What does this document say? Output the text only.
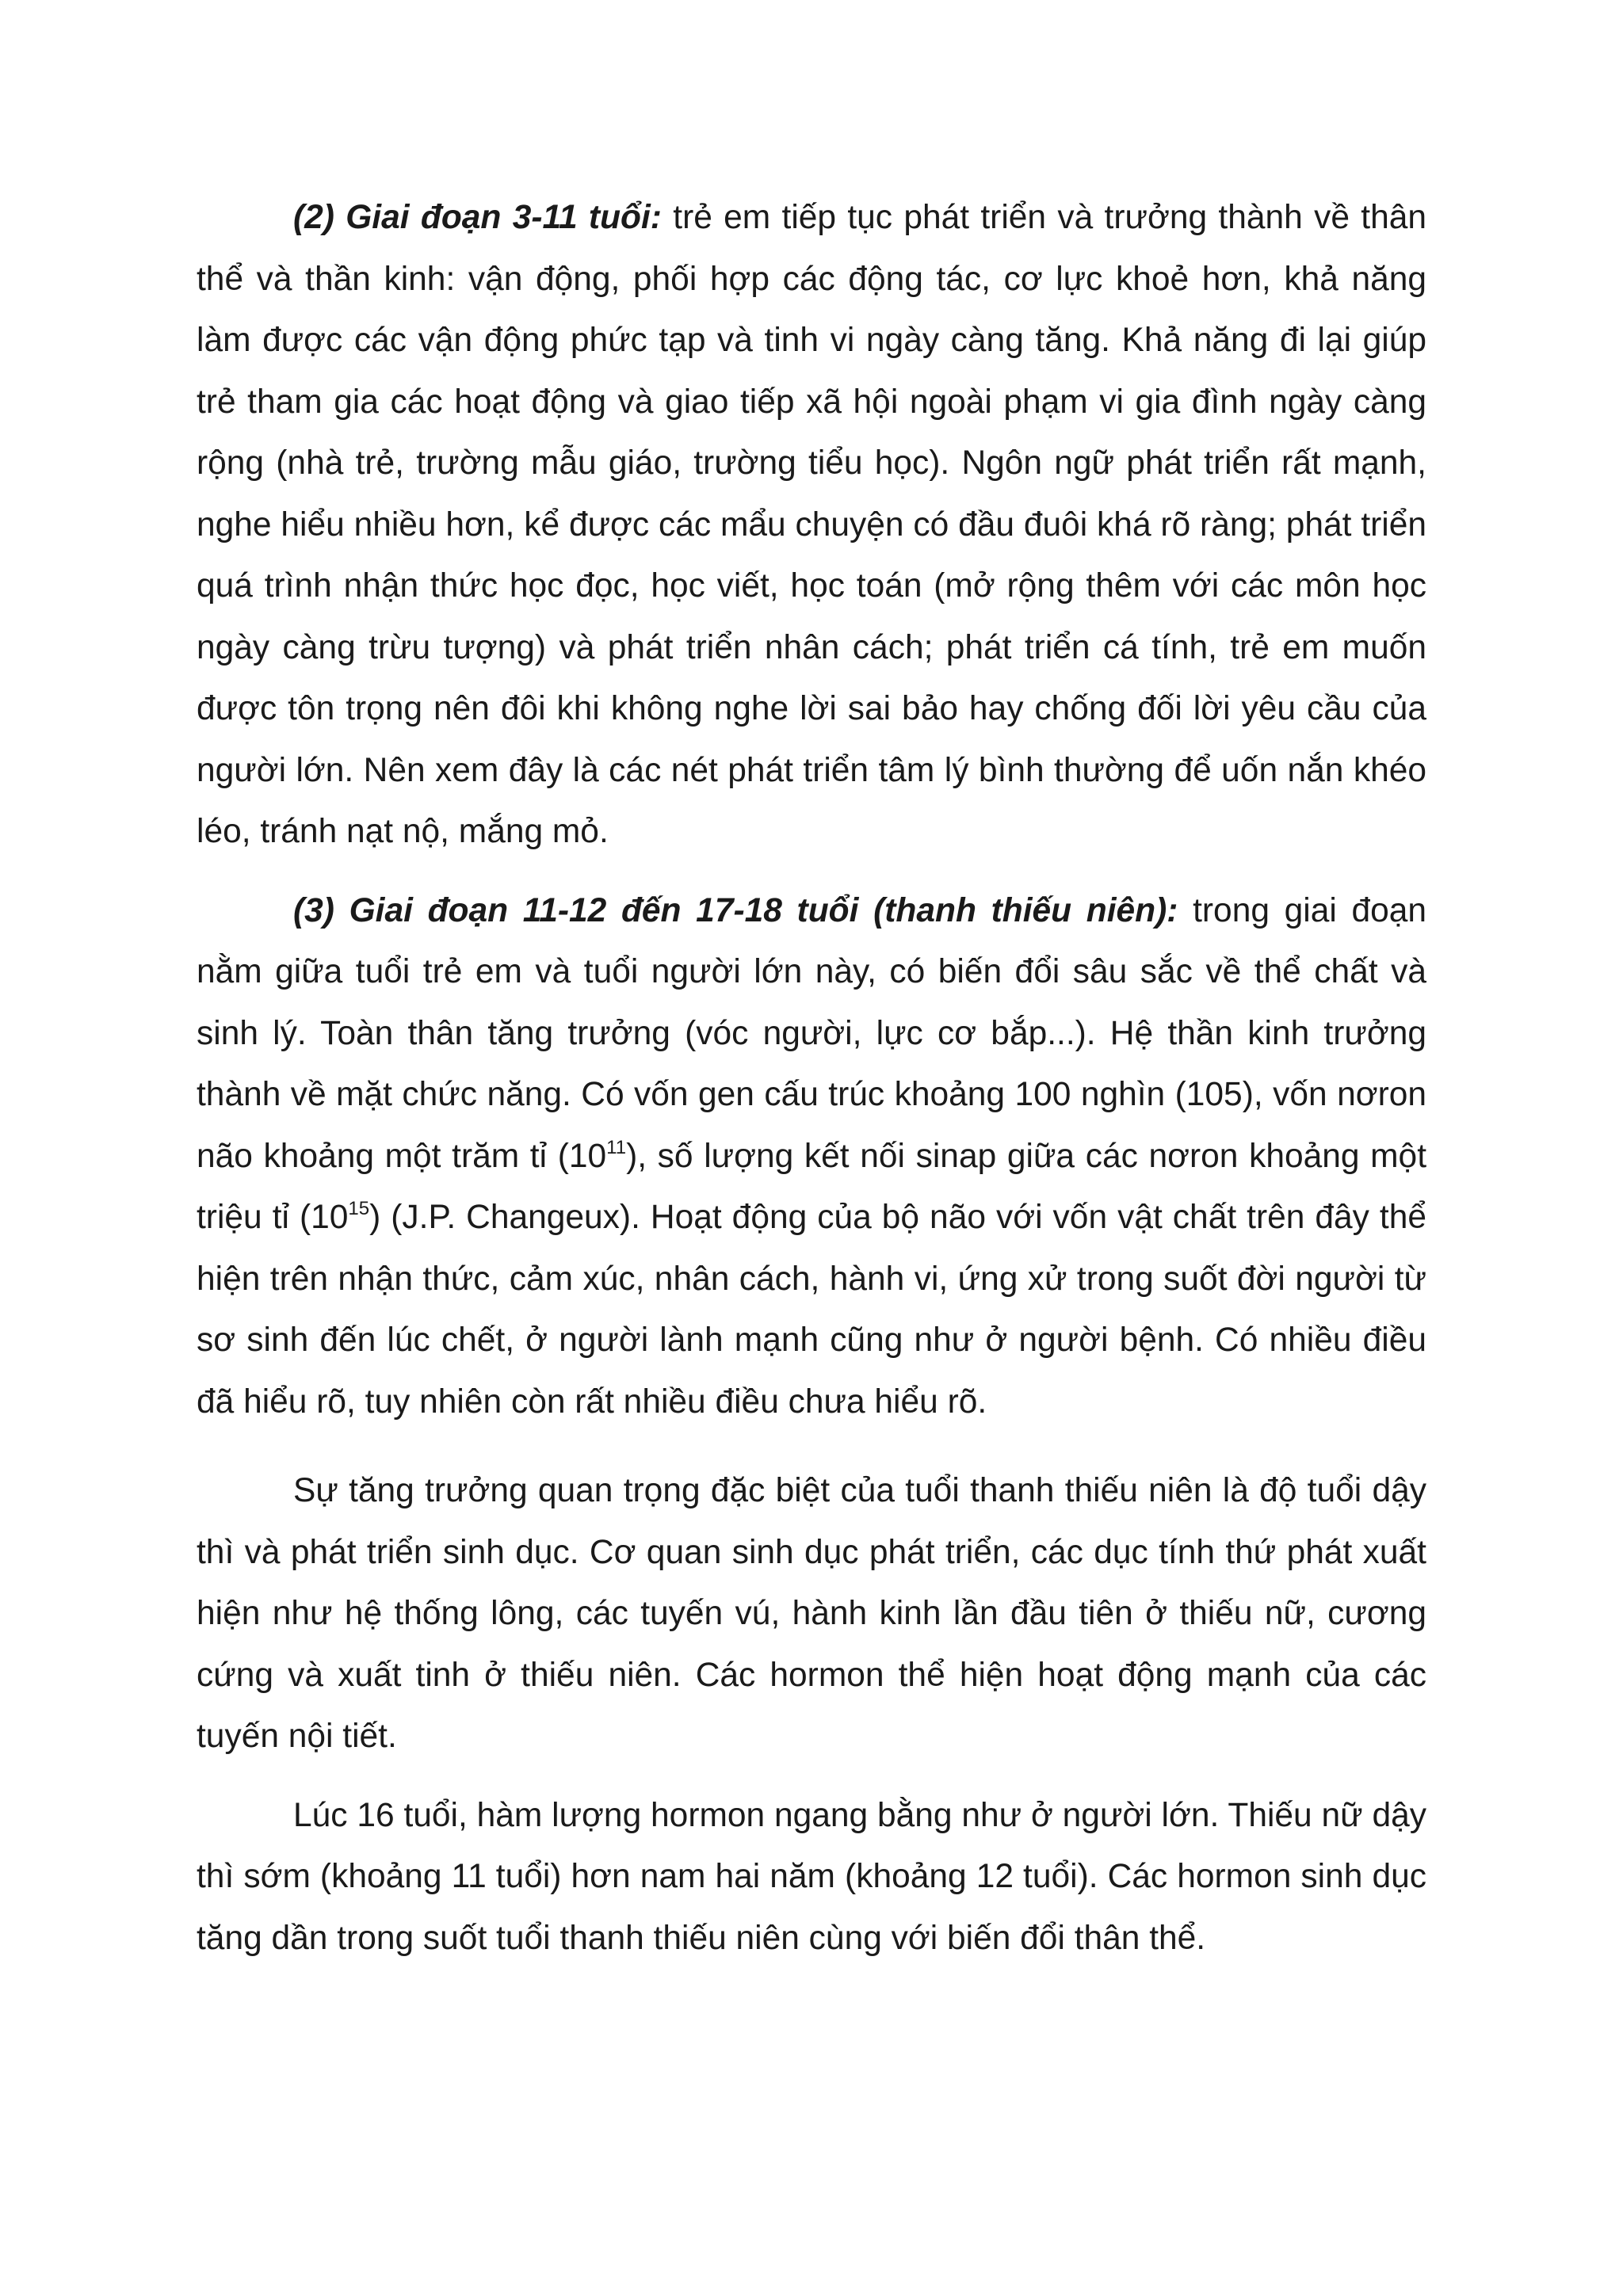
(2) Giai đoạn 3-11 tuổi: trẻ em tiếp tục phát triển và trưởng thành về thân thể và thần kinh: vận động, phối hợp các động tác, cơ lực khoẻ hơn, khả năng làm được các vận động phức tạp và tinh vi ngày càng tăng. Khả năng đi lại giúp trẻ tham gia các hoạt động và giao tiếp xã hội ngoài phạm vi gia đình ngày càng rộng (nhà trẻ, trường mẫu giáo, trường tiểu học). Ngôn ngữ phát triển rất mạnh, nghe hiểu nhiều hơn, kể được các mẩu chuyện có đầu đuôi khá rõ ràng; phát triển quá trình nhận thức học đọc, học viết, học toán (mở rộng thêm với các môn học ngày càng trừu tượng) và phát triển nhân cách; phát triển cá tính, trẻ em muốn được tôn trọng nên đôi khi không nghe lời sai bảo hay chống đối lời yêu cầu của người lớn. Nên xem đây là các nét phát triển tâm lý bình thường để uốn nắn khéo léo, tránh nạt nộ, mắng mỏ.

(3) Giai đoạn 11-12 đến 17-18 tuổi (thanh thiếu niên): trong giai đoạn nằm giữa tuổi trẻ em và tuổi người lớn này, có biến đổi sâu sắc về thể chất và sinh lý. Toàn thân tăng trưởng (vóc người, lực cơ bắp...). Hệ thần kinh trưởng thành về mặt chức năng. Có vốn gen cấu trúc khoảng 100 nghìn (105), vốn nơron não khoảng một trăm tỉ $(10^{11})$, số lượng kết nối sinap giữa các nơron khoảng một triệu tỉ $(10^{15})$ (J.P. Changeux). Hoạt động của bộ não với vốn vật chất trên đây thể hiện trên nhận thức, cảm xúc, nhân cách, hành vi, ứng xử trong suốt đời người từ sơ sinh đến lúc chết, ở người lành mạnh cũng như ở người bệnh. Có nhiều điều đã hiểu rõ, tuy nhiên còn rất nhiều điều chưa hiểu rõ.

Sự tăng trưởng quan trọng đặc biệt của tuổi thanh thiếu niên là độ tuổi dậy thì và phát triển sinh dục. Cơ quan sinh dục phát triển, các dục tính thứ phát xuất hiện như hệ thống lông, các tuyến vú, hành kinh lần đầu tiên ở thiếu nữ, cương cứng và xuất tinh ở thiếu niên. Các hormon thể hiện hoạt động mạnh của các tuyến nội tiết.

Lúc 16 tuổi, hàm lượng hormon ngang bằng như ở người lớn. Thiếu nữ dậy thì sớm (khoảng 11 tuổi) hơn nam hai năm (khoảng 12 tuổi). Các hormon sinh dục tăng dần trong suốt tuổi thanh thiếu niên cùng với biến đổi thân thể.
